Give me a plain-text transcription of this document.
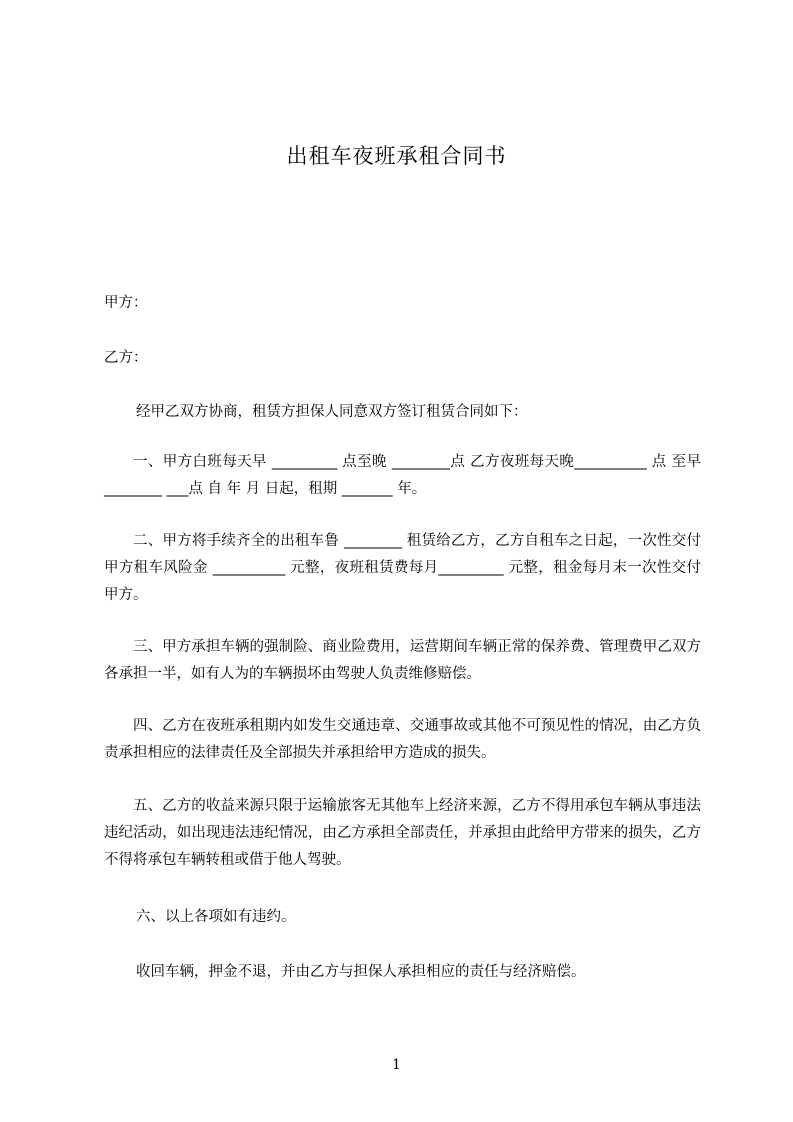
出租车夜班承租合同书
甲方：
乙方：
经甲乙双方协商，租赁方担保人同意双方签订租赁合同如下：
一、甲方白班每天早 _________ 点至晚 ________点 乙方夜班每天晚__________ 点 至早________ ___点 自 年 月 日起，租期 _______ 年。
二、甲方将手续齐全的出租车鲁 ________ 租赁给乙方，乙方自租车之日起，一次性交付甲方租车风险金 __________ 元整，夜班租赁费每月_________ 元整，租金每月末一次性交付甲方。
三、甲方承担车辆的强制险、商业险费用，运营期间车辆正常的保养费、管理费甲乙双方各承担一半，如有人为的车辆损坏由驾驶人负责维修赔偿。
四、乙方在夜班承租期内如发生交通违章、交通事故或其他不可预见性的情况，由乙方负责承担相应的法律责任及全部损失并承担给甲方造成的损失。
五、乙方的收益来源只限于运输旅客无其他车上经济来源，乙方不得用承包车辆从事违法违纪活动，如出现违法违纪情况，由乙方承担全部责任，并承担由此给甲方带来的损失，乙方不得将承包车辆转租或借于他人驾驶。
六、以上各项如有违约。
收回车辆，押金不退，并由乙方与担保人承担相应的责任与经济赔偿。
1
